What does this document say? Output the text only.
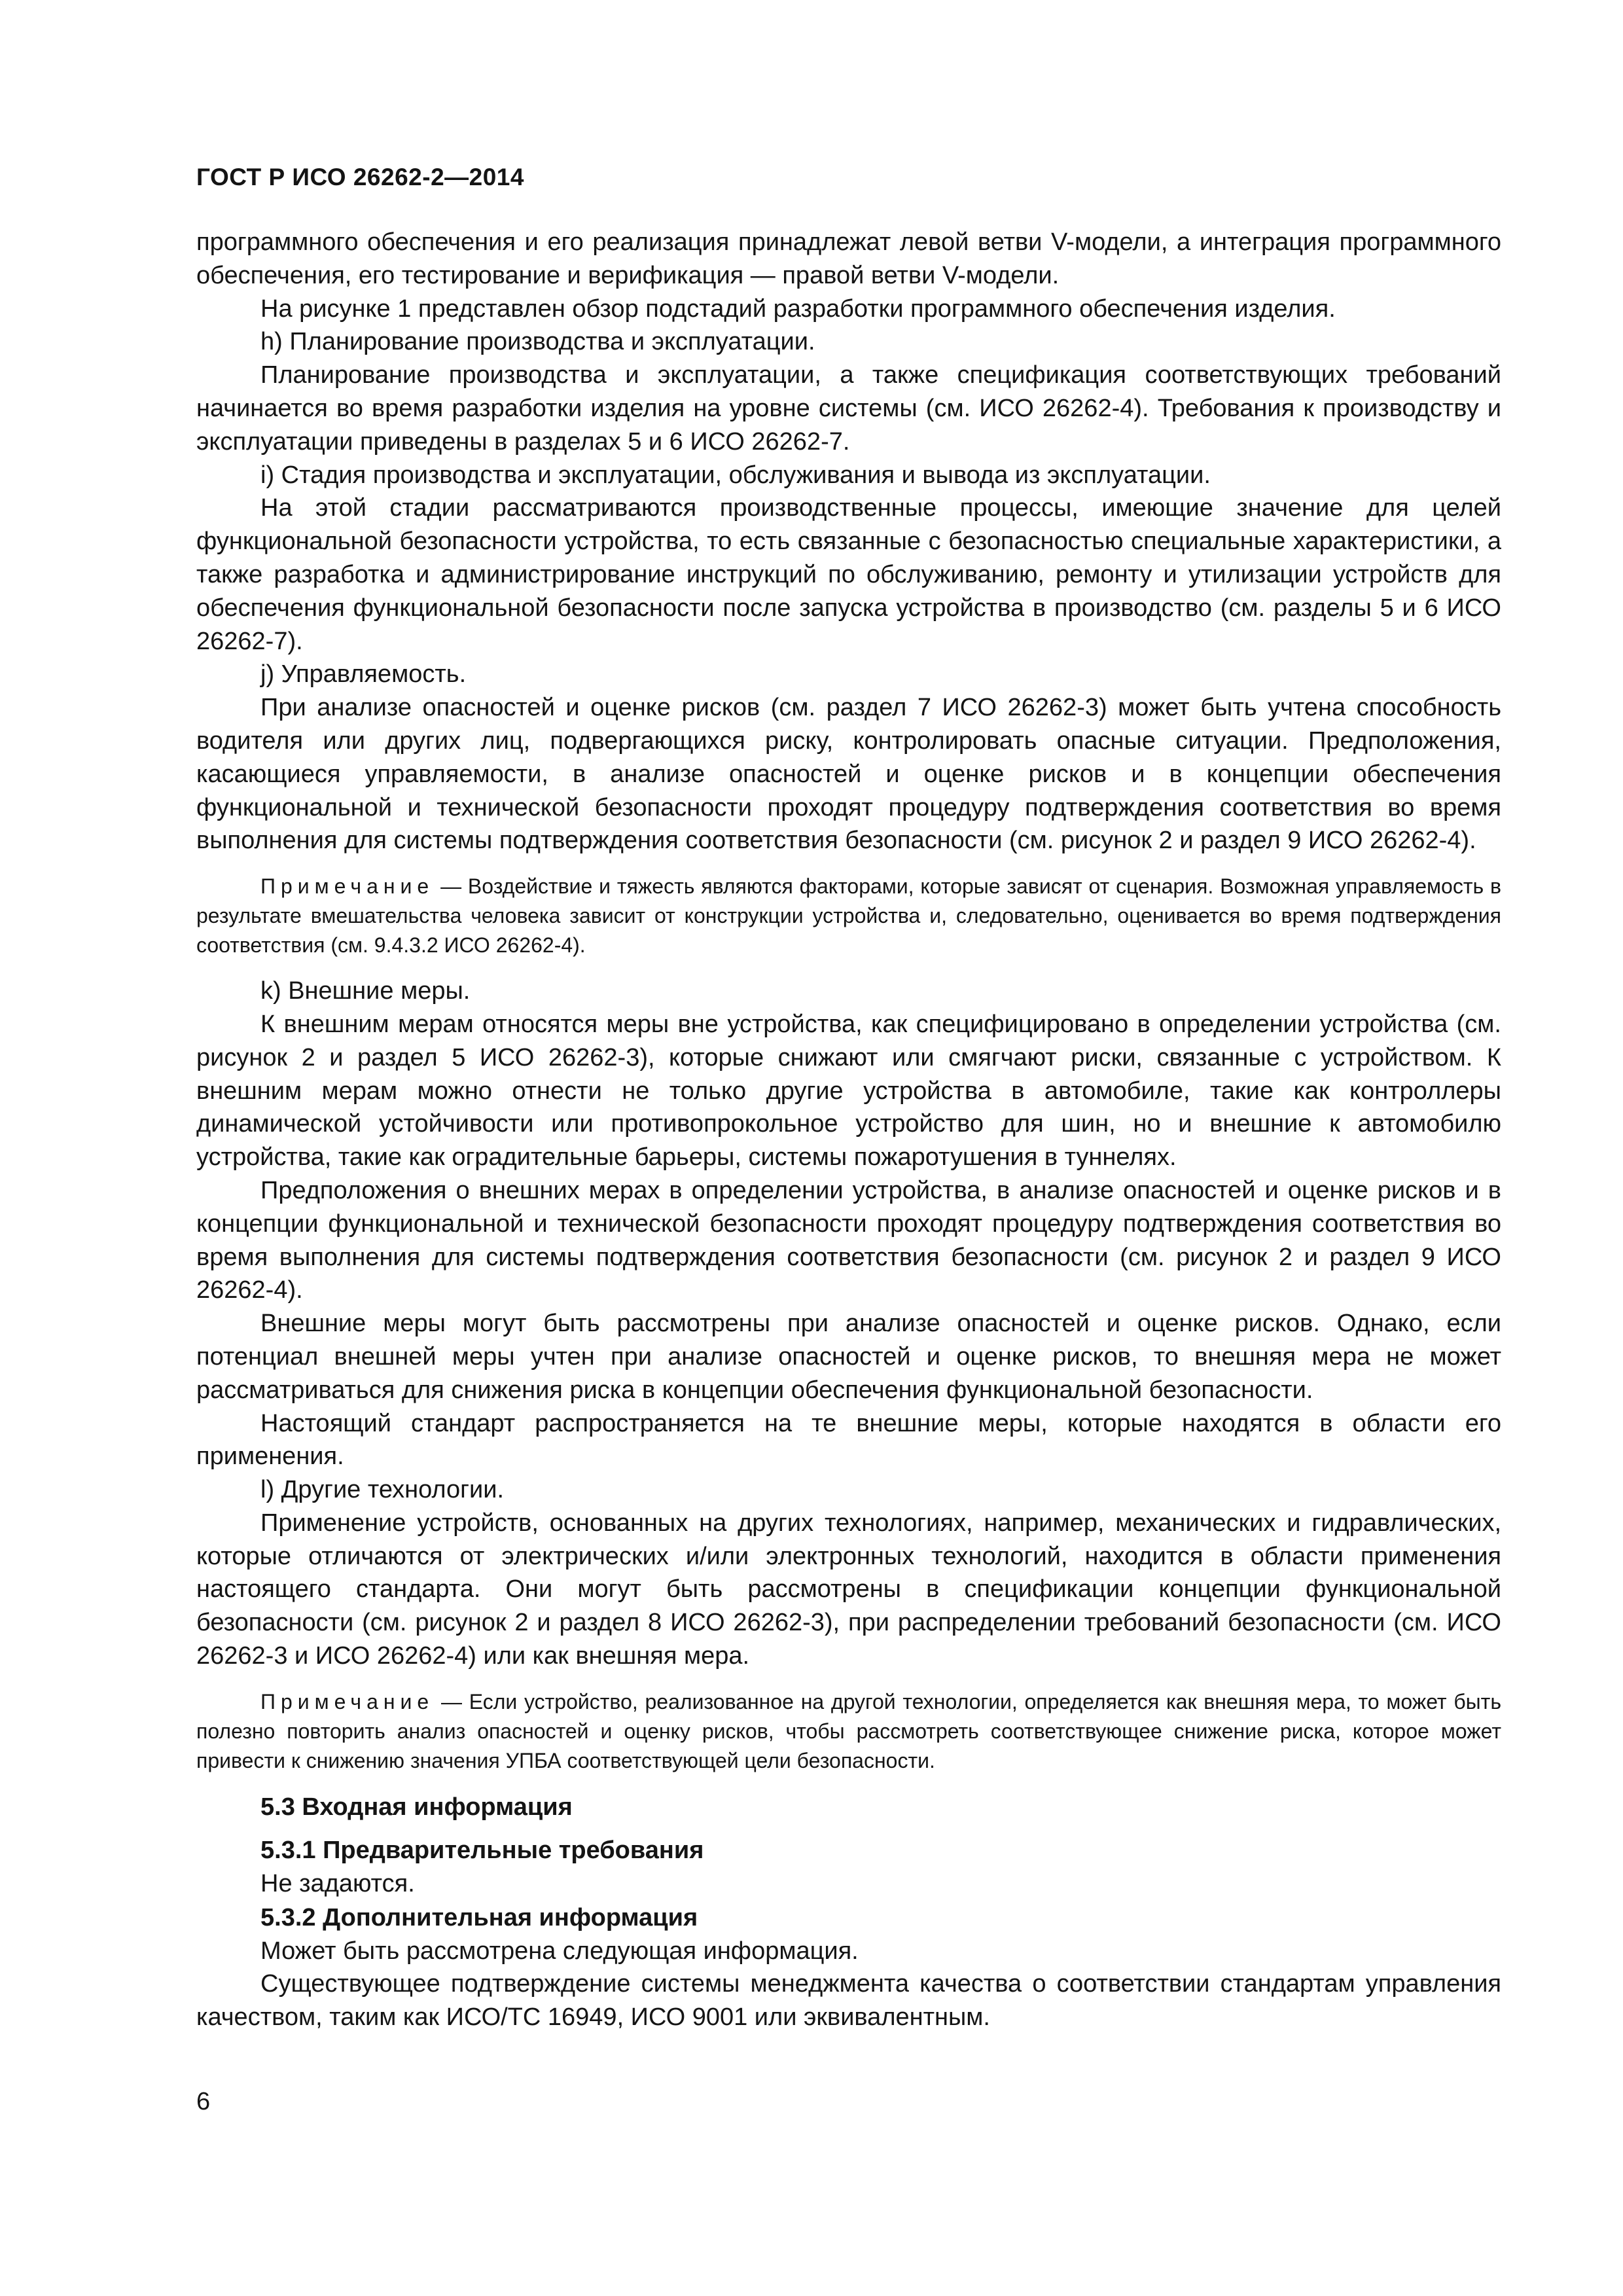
ГОСТ Р ИСО 26262-2—2014

программного обеспечения и его реализация принадлежат левой ветви V-модели, а интеграция программного обеспечения, его тестирование и верификация — правой ветви V-модели.

На рисунке 1 представлен обзор подстадий разработки программного обеспечения изделия.

h) Планирование производства и эксплуатации.

Планирование производства и эксплуатации, а также спецификация соответствующих требований начинается во время разработки изделия на уровне системы (см. ИСО 26262-4). Требования к производству и эксплуатации приведены в разделах 5 и 6 ИСО 26262-7.

i) Стадия производства и эксплуатации, обслуживания и вывода из эксплуатации.

На этой стадии рассматриваются производственные процессы, имеющие значение для целей функциональной безопасности устройства, то есть связанные с безопасностью специальные характеристики, а также разработка и администрирование инструкций по обслуживанию, ремонту и утилизации устройств для обеспечения функциональной безопасности после запуска устройства в производство (см. разделы 5 и 6 ИСО 26262-7).

j) Управляемость.

При анализе опасностей и оценке рисков (см. раздел 7 ИСО 26262-3) может быть учтена способность водителя или других лиц, подвергающихся риску, контролировать опасные ситуации. Предположения, касающиеся управляемости, в анализе опасностей и оценке рисков и в концепции обеспечения функциональной и технической безопасности проходят процедуру подтверждения соответствия во время выполнения для системы подтверждения соответствия безопасности (см. рисунок 2 и раздел 9 ИСО 26262-4).

Примечание — Воздействие и тяжесть являются факторами, которые зависят от сценария. Возможная управляемость в результате вмешательства человека зависит от конструкции устройства и, следовательно, оценивается во время подтверждения соответствия (см. 9.4.3.2 ИСО 26262-4).

k) Внешние меры.

К внешним мерам относятся меры вне устройства, как специфицировано в определении устройства (см. рисунок 2 и раздел 5 ИСО 26262-3), которые снижают или смягчают риски, связанные с устройством. К внешним мерам можно отнести не только другие устройства в автомобиле, такие как контроллеры динамической устойчивости или противопрокольное устройство для шин, но и внешние к автомобилю устройства, такие как оградительные барьеры, системы пожаротушения в туннелях.

Предположения о внешних мерах в определении устройства, в анализе опасностей и оценке рисков и в концепции функциональной и технической безопасности проходят процедуру подтверждения соответствия во время выполнения для системы подтверждения соответствия безопасности (см. рисунок 2 и раздел 9 ИСО 26262-4).

Внешние меры могут быть рассмотрены при анализе опасностей и оценке рисков. Однако, если потенциал внешней меры учтен при анализе опасностей и оценке рисков, то внешняя мера не может рассматриваться для снижения риска в концепции обеспечения функциональной безопасности.

Настоящий стандарт распространяется на те внешние меры, которые находятся в области его применения.

l) Другие технологии.

Применение устройств, основанных на других технологиях, например, механических и гидравлических, которые отличаются от электрических и/или электронных технологий, находится в области применения настоящего стандарта. Они могут быть рассмотрены в спецификации концепции функциональной безопасности (см. рисунок 2 и раздел 8 ИСО 26262-3), при распределении требований безопасности (см. ИСО 26262-3 и ИСО 26262-4) или как внешняя мера.

Примечание — Если устройство, реализованное на другой технологии, определяется как внешняя мера, то может быть полезно повторить анализ опасностей и оценку рисков, чтобы рассмотреть соответствующее снижение риска, которое может привести к снижению значения УПБА соответствующей цели безопасности.

5.3 Входная информация

5.3.1 Предварительные требования

Не задаются.

5.3.2 Дополнительная информация

Может быть рассмотрена следующая информация.

Существующее подтверждение системы менеджмента качества о соответствии стандартам управления качеством, таким как ИСО/ТС 16949, ИСО 9001 или эквивалентным.

6
